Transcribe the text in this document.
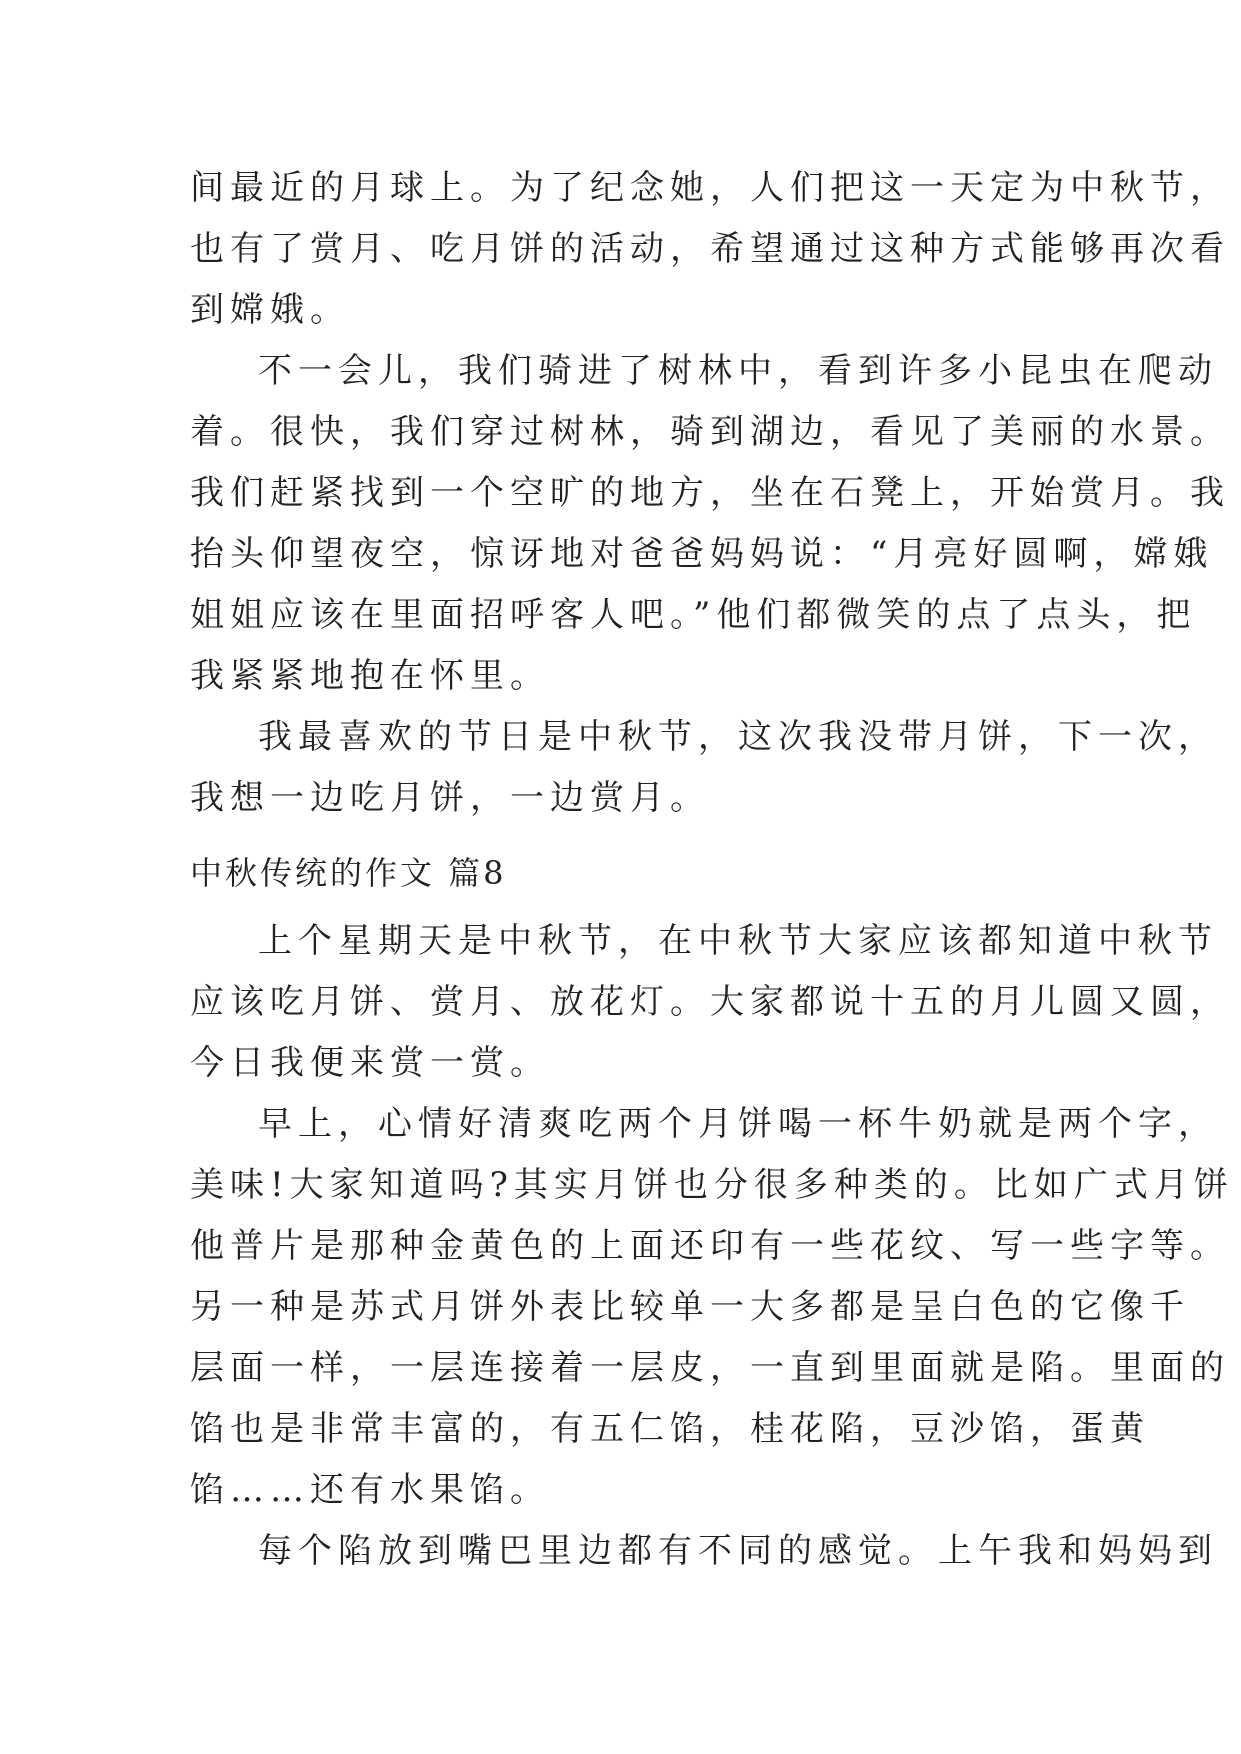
间最近的月球上。为了纪念她，人们把这一天定为中秋节，
也有了赏月、吃月饼的活动，希望通过这种方式能够再次看
到嫦娥。
不一会儿，我们骑进了树林中，看到许多小昆虫在爬动
着。很快，我们穿过树林，骑到湖边，看见了美丽的水景。
我们赶紧找到一个空旷的地方，坐在石凳上，开始赏月。我
抬头仰望夜空，惊讶地对爸爸妈妈说：“月亮好圆啊，嫦娥
姐姐应该在里面招呼客人吧。”他们都微笑的点了点头，把
我紧紧地抱在怀里。
我最喜欢的节日是中秋节，这次我没带月饼，下一次，
我想一边吃月饼，一边赏月。
中秋传统的作文 篇8
上个星期天是中秋节，在中秋节大家应该都知道中秋节
应该吃月饼、赏月、放花灯。大家都说十五的月儿圆又圆，
今日我便来赏一赏。
早上，心情好清爽吃两个月饼喝一杯牛奶就是两个字，
美味!大家知道吗?其实月饼也分很多种类的。比如广式月饼
他普片是那种金黄色的上面还印有一些花纹、写一些字等。
另一种是苏式月饼外表比较单一大多都是呈白色的它像千
层面一样，一层连接着一层皮，一直到里面就是陷。里面的
馅也是非常丰富的，有五仁馅，桂花陷，豆沙馅，蛋黄
馅……还有水果馅。
每个陷放到嘴巴里边都有不同的感觉。上午我和妈妈到
